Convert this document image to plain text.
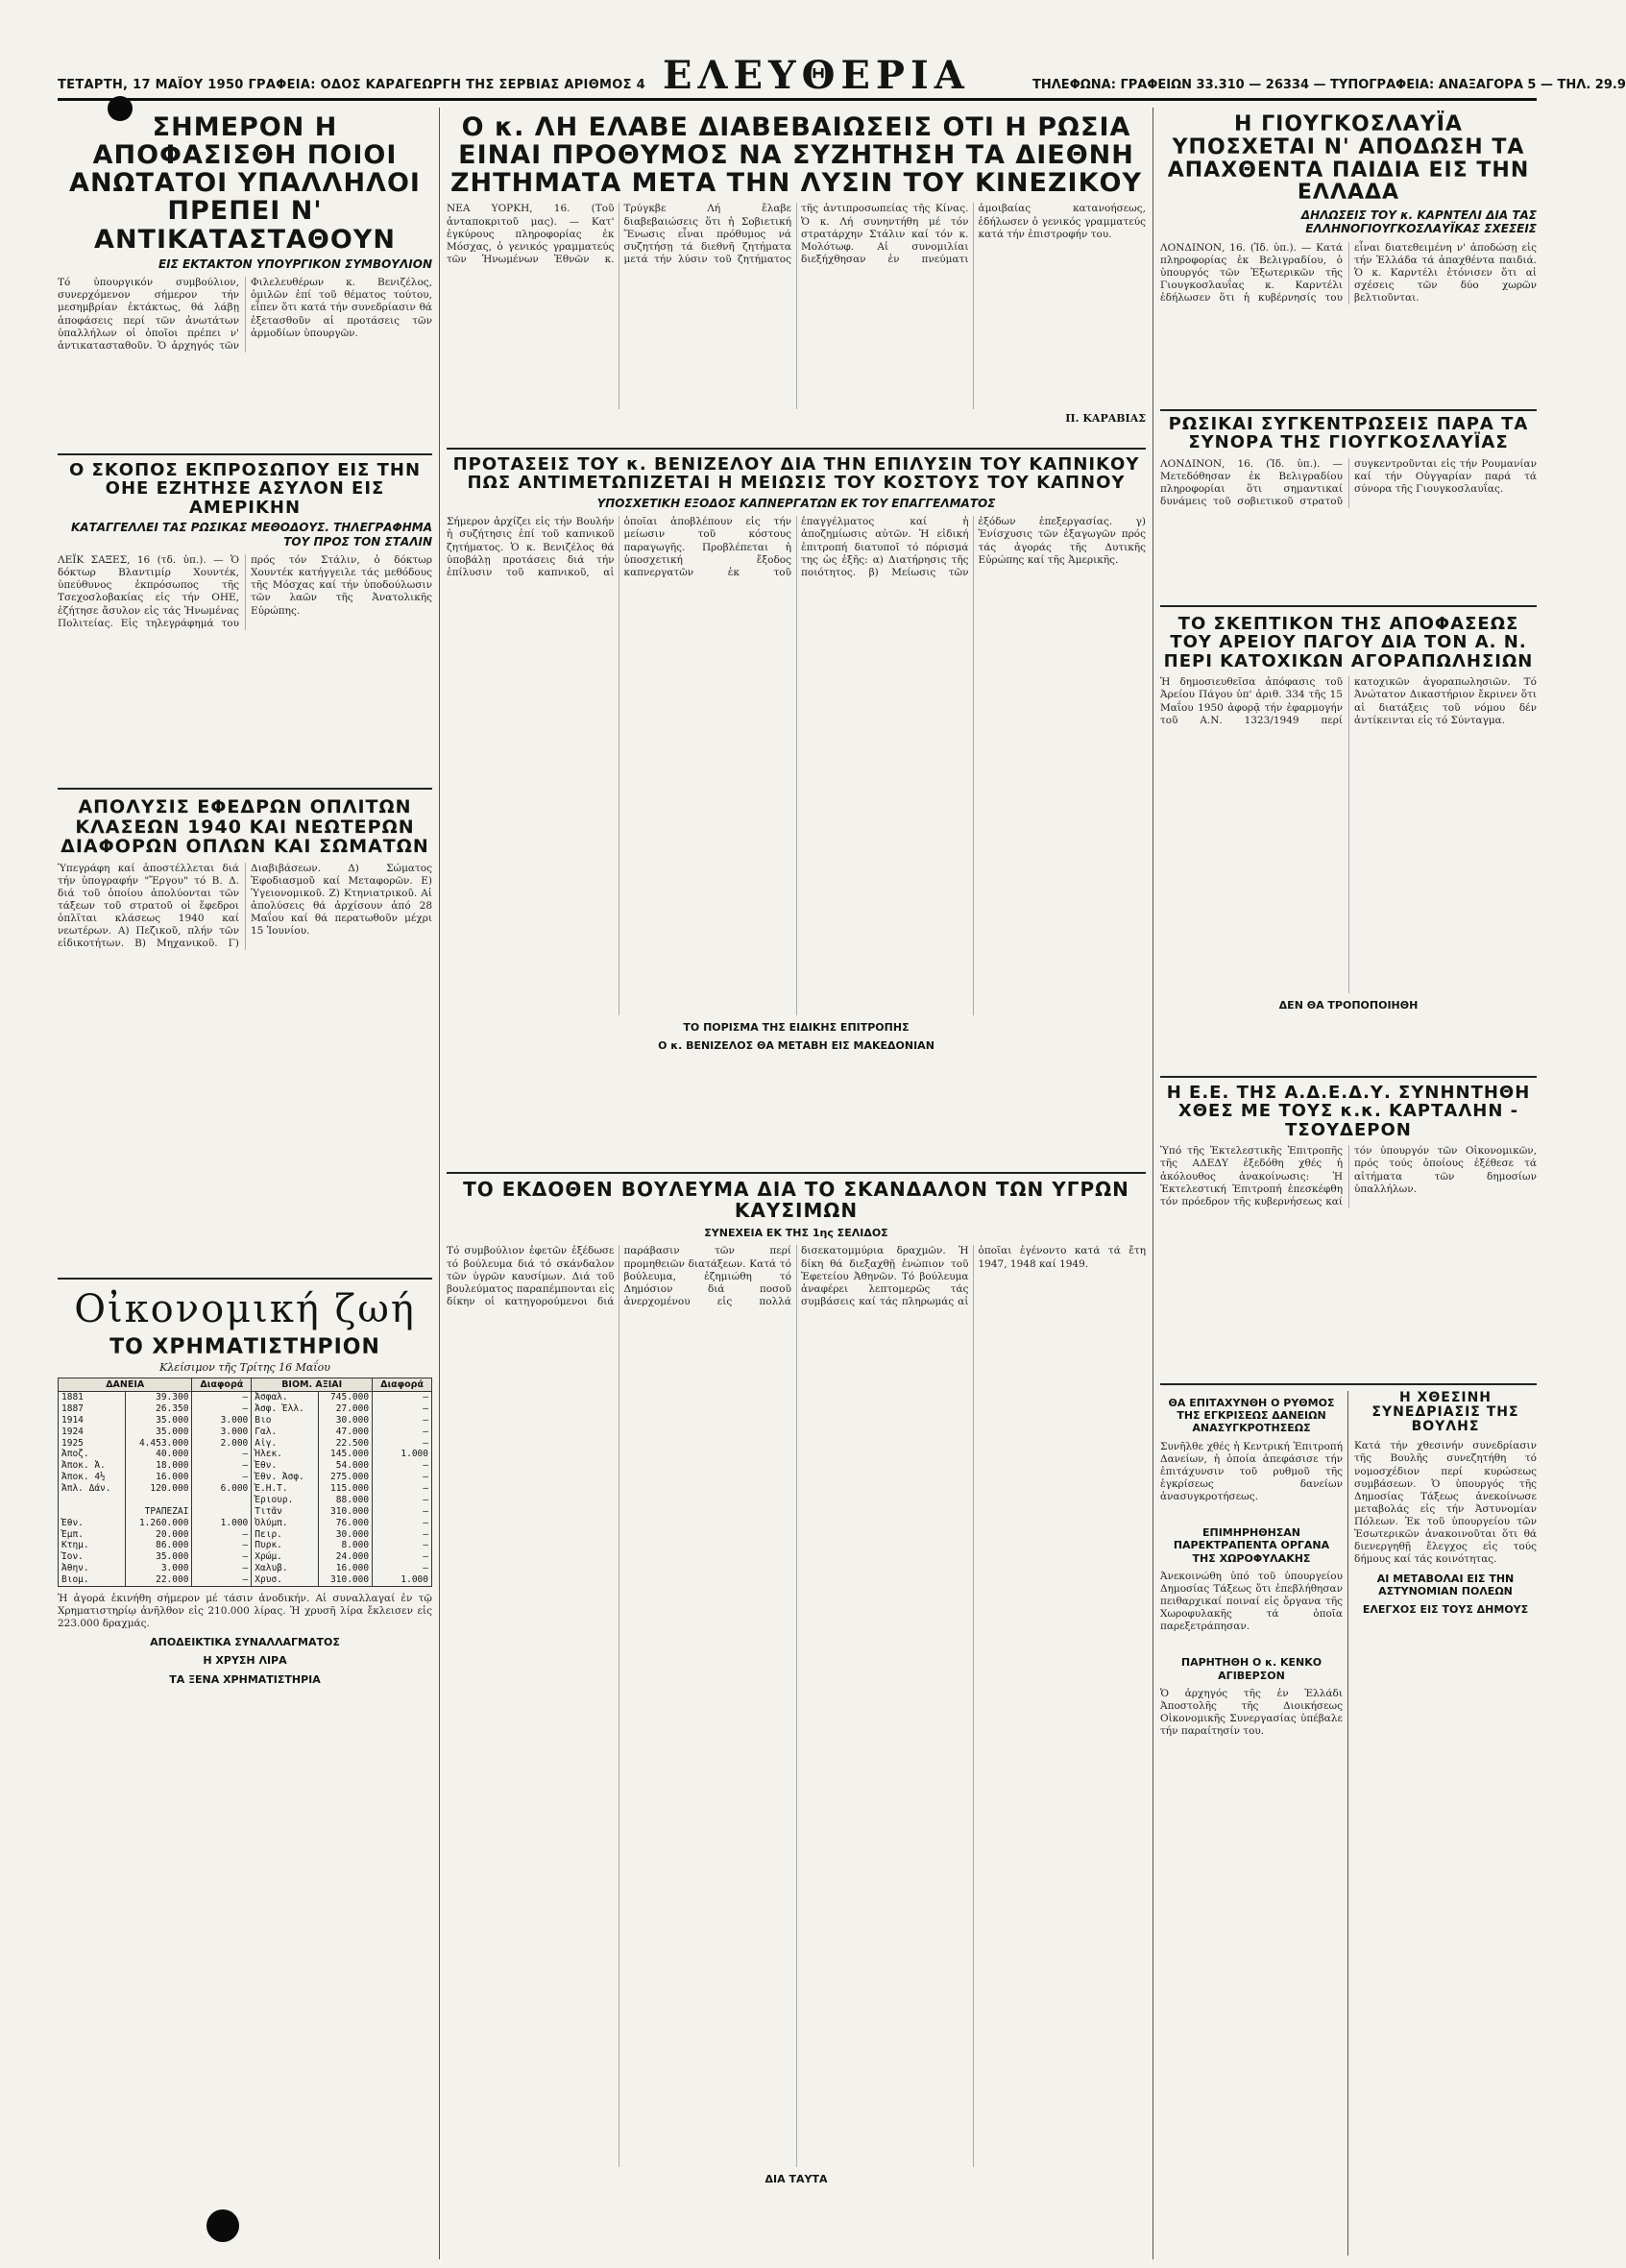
ΤΕΤΑΡΤΗ, 17 ΜΑΪΟΥ 1950 ΓΡΑΦΕΙΑ: ΟΔΟΣ ΚΑΡΑΓΕΩΡΓΗ ΤΗΣ ΣΕΡΒΙΑΣ ΑΡΙΘΜΟΣ 4 ΕΛΕΥΘΕΡΙΑ	ΤΗΛΕΦΩΝΑ: ΓΡΑΦΕΙΩΝ 33.310 — 26334 — ΤΥΠΟΓΡΑΦΕΙΑ: ΑΝΑΞΑΓΟΡΑ 5 — ΤΗΛ. 29.9
ΣΗΜΕΡΟΝ Η ΑΠΟΦΑΣΙΣΘΗ ΠΟΙΟΙ ΑΝΩΤΑΤΟΙ ΥΠΑΛΛΗΛΟΙ ΠΡΕΠΕΙ Ν' ΑΝΤΙΚΑΤΑΣΤΑΘΟΥΝ
ΕΙΣ ΕΚΤΑΚΤΟΝ ΥΠΟΥΡΓΙΚΟΝ ΣΥΜΒΟΥΛΙΟΝ
Τό ὑπουργικόν συμβούλιον, συνερχόμενον σήμερον τήν μεσημβρίαν ἐκτάκτως, θά λάβῃ ἀποφάσεις περί τῶν ἀνωτάτων ὑπαλλήλων οἱ ὁποῖοι πρέπει ν' ἀντικατασταθοῦν. Ὁ ἀρχηγός τῶν Φιλελευθέρων κ. Βενιζέλος, ὁμιλῶν ἐπί τοῦ θέματος τούτου, εἶπεν ὅτι κατά τήν συνεδρίασιν θά ἐξετασθοῦν αἱ προτάσεις τῶν ἁρμοδίων ὑπουργῶν.
Ο ΣΚΟΠΟΣ ΕΚΠΡΟΣΩΠΟΥ ΕΙΣ ΤΗΝ ΟΗΕ ΕΖΗΤΗΣΕ ΑΣΥΛΟΝ ΕΙΣ ΑΜΕΡΙΚΗΝ
ΚΑΤΑΓΓΕΛΛΕΙ ΤΑΣ ΡΩΣΙΚΑΣ ΜΕΘΟΔΟΥΣ. ΤΗΛΕΓΡΑΦΗΜΑ ΤΟΥ ΠΡΟΣ ΤΟΝ ΣΤΑΛΙΝ
ΛΕΪΚ ΣΑΞΕΣ, 16 (τδ. ὑπ.). — Ὁ δόκτωρ Βλαντιμίρ Χουντέκ, ὑπεύθυνος ἐκπρόσωπος τῆς Τσεχοσλοβακίας εἰς τήν ΟΗΕ, ἐζήτησε ἄσυλον εἰς τάς Ἡνωμένας Πολιτείας. Εἰς τηλεγράφημά του πρός τόν Στάλιν, ὁ δόκτωρ Χουντέκ κατήγγειλε τάς μεθόδους τῆς Μόσχας καί τήν ὑποδούλωσιν τῶν λαῶν τῆς Ἀνατολικῆς Εὐρώπης.
ΑΠΟΛΥΣΙΣ ΕΦΕΔΡΩΝ ΟΠΛΙΤΩΝ ΚΛΑΣΕΩΝ 1940 ΚΑΙ ΝΕΩΤΕΡΩΝ ΔΙΑΦΟΡΩΝ ΟΠΛΩΝ ΚΑΙ ΣΩΜΑΤΩΝ
Ὑπεγράφη καί ἀποστέλλεται διά τήν ὑπογραφήν "Ἔργου" τό Β. Δ. διά τοῦ ὁποίου ἀπολύονται τῶν τάξεων τοῦ στρατοῦ οἱ ἔφεδροι ὁπλῖται κλάσεως 1940 καί νεωτέρων. Α) Πεζικοῦ, πλήν τῶν εἰδικοτήτων. Β) Μηχανικοῦ. Γ) Διαβιβάσεων. Δ) Σώματος Ἐφοδιασμοῦ καί Μεταφορῶν. Ε) Ὑγειονομικοῦ. Ζ) Κτηνιατρικοῦ. Αἱ ἀπολύσεις θά ἀρχίσουν ἀπό 28 Μαΐου καί θά περατωθοῦν μέχρι 15 Ἰουνίου.
Οἰκονομική ζωή
ΤΟ ΧΡΗΜΑΤΙΣΤΗΡΙΟΝ
Κλείσιμον τῆς Τρίτης 16 Μαΐου
ΔΑΝΕΙΑ		Διαφορά	ΒΙΟΜ. ΑΞΙΑΙ		Διαφορά
1881	39.300	—	Ἀσφαλ.	745.000	—
1887	26.350	—	Ἀσφ. Ἑλλ.	27.000	—
1914	35.000	3.000	Βιο	30.000	—
1924	35.000	3.000	Γαλ.	47.000	—
1925	4.453.000	2.000	Αἰγ.	22.500	—
Ἀποζ.	40.000	—	Ἠλεκ.	145.000	1.000
Ἀποκ. Ἀ.	18.000	—	Ἐθν.	54.000	—
Ἀποκ. 4½	16.000	—	Ἐθν. Ἀσφ.	275.000	—
Ἁπλ. Δάν.	120.000	6.000	Ἐ.Η.Τ.	115.000	—
			Ἐριουρ.	88.000	—
	ΤΡΑΠΕΖΑΙ		Τιτᾶν	310.000	—
Ἐθν.	1.260.000	1.000	Ὀλύμπ.	76.000	—
Ἐμπ.	20.000	—	Πειρ.	30.000	—
Κτημ.	86.000	—	Πυρκ.	8.000	—
Ἰον.	35.000	—	Χρώμ.	24.000	—
Ἀθην.	3.000	—	Χαλυβ.	16.000	—
Βιομ.	22.000	—	Χρυσ.	310.000	1.000
Ἡ ἀγορά ἐκινήθη σήμερον μέ τάσιν ἀνοδικήν. Αἱ συναλλαγαί ἐν τῷ Χρηματιστηρίῳ ἀνῆλθον εἰς 210.000 λίρας. Ἡ χρυσῆ λίρα ἔκλεισεν εἰς 223.000 δραχμάς.
ΑΠΟΔΕΙΚΤΙΚΑ ΣΥΝΑΛΛΑΓΜΑΤΟΣ
Η ΧΡΥΣΗ ΛΙΡΑ
ΤΑ ΞΕΝΑ ΧΡΗΜΑΤΙΣΤΗΡΙΑ
Ο κ. ΛΗ ΕΛΑΒΕ ΔΙΑΒΕΒΑΙΩΣΕΙΣ ΟΤΙ Η ΡΩΣΙΑ ΕΙΝΑΙ ΠΡΟΘΥΜΟΣ ΝΑ ΣΥΖΗΤΗΣΗ ΤΑ ΔΙΕΘΝΗ ΖΗΤΗΜΑΤΑ ΜΕΤΑ ΤΗΝ ΛΥΣΙΝ ΤΟΥ ΚΙΝΕΖΙΚΟΥ
ΝΕΑ ΥΟΡΚΗ, 16. (Τοῦ ἀνταποκριτοῦ μας). — Κατ' ἐγκύρους πληροφορίας ἐκ Μόσχας, ὁ γενικός γραμματεύς τῶν Ἡνωμένων Ἐθνῶν κ. Τρύγκβε Λή ἔλαβε διαβεβαιώσεις ὅτι ἡ Σοβιετική Ἕνωσις εἶναι πρόθυμος νά συζητήσῃ τά διεθνῆ ζητήματα μετά τήν λύσιν τοῦ ζητήματος τῆς ἀντιπροσωπείας τῆς Κίνας. Ὁ κ. Λή συνηντήθη μέ τόν στρατάρχην Στάλιν καί τόν κ. Μολότωφ. Αἱ συνομιλίαι διεξήχθησαν ἐν πνεύματι ἀμοιβαίας κατανοήσεως, ἐδήλωσεν ὁ γενικός γραμματεύς κατά τήν ἐπιστροφήν του.
Π. ΚΑΡΑΒΙΑΣ
ΠΡΟΤΑΣΕΙΣ ΤΟΥ κ. ΒΕΝΙΖΕΛΟΥ ΔΙΑ ΤΗΝ ΕΠΙΛΥΣΙΝ ΤΟΥ ΚΑΠΝΙΚΟΥ ΠΩΣ ΑΝΤΙΜΕΤΩΠΙΖΕΤΑΙ Η ΜΕΙΩΣΙΣ ΤΟΥ ΚΟΣΤΟΥΣ ΤΟΥ ΚΑΠΝΟΥ
ΥΠΟΣΧΕΤΙΚΗ ΕΞΟΔΟΣ ΚΑΠΝΕΡΓΑΤΩΝ ΕΚ ΤΟΥ ΕΠΑΓΓΕΛΜΑΤΟΣ
Σήμερον ἀρχίζει εἰς τήν Βουλήν ἡ συζήτησις ἐπί τοῦ καπνικοῦ ζητήματος. Ὁ κ. Βενιζέλος θά ὑποβάλῃ προτάσεις διά τήν ἐπίλυσιν τοῦ καπνικοῦ, αἱ ὁποῖαι ἀποβλέπουν εἰς τήν μείωσιν τοῦ κόστους παραγωγῆς. Προβλέπεται ἡ ὑποσχετική ἔξοδος καπνεργατῶν ἐκ τοῦ ἐπαγγέλματος καί ἡ ἀποζημίωσις αὐτῶν. Ἡ εἰδική ἐπιτροπή διατυποῖ τό πόρισμά της ὡς ἑξῆς: α) Διατήρησις τῆς ποιότητος. β) Μείωσις τῶν ἐξόδων ἐπεξεργασίας. γ) Ἐνίσχυσις τῶν ἐξαγωγῶν πρός τάς ἀγοράς τῆς Δυτικῆς Εὐρώπης καί τῆς Ἀμερικῆς.
ΤΟ ΠΟΡΙΣΜΑ ΤΗΣ ΕΙΔΙΚΗΣ ΕΠΙΤΡΟΠΗΣ
Ο κ. ΒΕΝΙΖΕΛΟΣ ΘΑ ΜΕΤΑΒΗ ΕΙΣ ΜΑΚΕΔΟΝΙΑΝ
ΤΟ ΕΚΔΟΘΕΝ ΒΟΥΛΕΥΜΑ ΔΙΑ ΤΟ ΣΚΑΝΔΑΛΟΝ ΤΩΝ ΥΓΡΩΝ ΚΑΥΣΙΜΩΝ
ΣΥΝΕΧΕΙΑ ΕΚ ΤΗΣ 1ης ΣΕΛΙΔΟΣ
Τό συμβούλιον ἐφετῶν ἐξέδωσε τό βούλευμα διά τό σκάνδαλον τῶν ὑγρῶν καυσίμων. Διά τοῦ βουλεύματος παραπέμπονται εἰς δίκην οἱ κατηγορούμενοι διά παράβασιν τῶν περί προμηθειῶν διατάξεων. Κατά τό βούλευμα, ἐζημιώθη τό Δημόσιον διά ποσοῦ ἀνερχομένου εἰς πολλά δισεκατομμύρια δραχμῶν. Ἡ δίκη θά διεξαχθῇ ἐνώπιον τοῦ Ἐφετείου Ἀθηνῶν. Τό βούλευμα ἀναφέρει λεπτομερῶς τάς συμβάσεις καί τάς πληρωμάς αἱ ὁποῖαι ἐγένοντο κατά τά ἔτη 1947, 1948 καί 1949.
ΔΙΑ ΤΑΥΤΑ
Η ΓΙΟΥΓΚΟΣΛΑΥΪΑ ΥΠΟΣΧΕΤΑΙ Ν' ΑΠΟΔΩΣΗ ΤΑ ΑΠΑΧΘΕΝΤΑ ΠΑΙΔΙΑ ΕΙΣ ΤΗΝ ΕΛΛΑΔΑ
ΔΗΛΩΣΕΙΣ ΤΟΥ κ. ΚΑΡΝΤΕΛΙ ΔΙΑ ΤΑΣ ΕΛΛΗΝΟΓΙΟΥΓΚΟΣΛΑΥΪΚΑΣ ΣΧΕΣΕΙΣ
ΛΟΝΔΙΝΟΝ, 16. (Ἰδ. ὑπ.). — Κατά πληροφορίας ἐκ Βελιγραδίου, ὁ ὑπουργός τῶν Ἐξωτερικῶν τῆς Γιουγκοσλαυΐας κ. Καρντέλι ἐδήλωσεν ὅτι ἡ κυβέρνησίς του εἶναι διατεθειμένη ν' ἀποδώσῃ εἰς τήν Ἑλλάδα τά ἀπαχθέντα παιδιά. Ὁ κ. Καρντέλι ἐτόνισεν ὅτι αἱ σχέσεις τῶν δύο χωρῶν βελτιοῦνται.
ΡΩΣΙΚΑΙ ΣΥΓΚΕΝΤΡΩΣΕΙΣ ΠΑΡΑ ΤΑ ΣΥΝΟΡΑ ΤΗΣ ΓΙΟΥΓΚΟΣΛΑΥΪΑΣ
ΛΟΝΔΙΝΟΝ, 16. (Ἰδ. ὑπ.). — Μετεδόθησαν ἐκ Βελιγραδίου πληροφορίαι ὅτι σημαντικαί δυνάμεις τοῦ σοβιετικοῦ στρατοῦ συγκεντροῦνται εἰς τήν Ρουμανίαν καί τήν Οὑγγαρίαν παρά τά σύνορα τῆς Γιουγκοσλαυΐας.
ΤΟ ΣΚΕΠΤΙΚΟΝ ΤΗΣ ΑΠΟΦΑΣΕΩΣ ΤΟΥ ΑΡΕΙΟΥ ΠΑΓΟΥ ΔΙΑ ΤΟΝ Α. Ν. ΠΕΡΙ ΚΑΤΟΧΙΚΩΝ ΑΓΟΡΑΠΩΛΗΣΙΩΝ
Ἡ δημοσιευθεῖσα ἀπόφασις τοῦ Ἀρείου Πάγου ὑπ' ἀριθ. 334 τῆς 15 Μαΐου 1950 ἀφορᾷ τήν ἐφαρμογήν τοῦ Α.Ν. 1323/1949 περί κατοχικῶν ἀγοραπωλησιῶν. Τό Ἀνώτατον Δικαστήριον ἔκρινεν ὅτι αἱ διατάξεις τοῦ νόμου δέν ἀντίκεινται εἰς τό Σύνταγμα.
ΔΕΝ ΘΑ ΤΡΟΠΟΠΟΙΗΘΗ
Η Ε.Ε. ΤΗΣ Α.Δ.Ε.Δ.Υ. ΣΥΝΗΝΤΗΘΗ ΧΘΕΣ ΜΕ ΤΟΥΣ κ.κ. ΚΑΡΤΑΛΗΝ - ΤΣΟΥΔΕΡΟΝ
Ὑπό τῆς Ἐκτελεστικῆς Ἐπιτροπῆς τῆς ΑΔΕΔΥ ἐξεδόθη χθές ἡ ἀκόλουθος ἀνακοίνωσις: Ἡ Ἐκτελεστική Ἐπιτροπή ἐπεσκέφθη τόν πρόεδρον τῆς κυβερνήσεως καί τόν ὑπουργόν τῶν Οἰκονομικῶν, πρός τούς ὁποίους ἐξέθεσε τά αἰτήματα τῶν δημοσίων ὑπαλλήλων.
ΘΑ ΕΠΙΤΑΧΥΝΘΗ Ο ΡΥΘΜΟΣ ΤΗΣ ΕΓΚΡΙΣΕΩΣ ΔΑΝΕΙΩΝ ΑΝΑΣΥΓΚΡΟΤΗΣΕΩΣ
Συνῆλθε χθές ἡ Κεντρική Ἐπιτροπή Δανείων, ἡ ὁποία ἀπεφάσισε τήν ἐπιτάχυνσιν τοῦ ρυθμοῦ τῆς ἐγκρίσεως δανείων ἀνασυγκροτήσεως.
ΕΠΙΜΗΡΗΘΗΣΑΝ ΠΑΡΕΚΤΡΑΠΕΝΤΑ ΟΡΓΑΝΑ ΤΗΣ ΧΩΡΟΦΥΛΑΚΗΣ
Ἀνεκοινώθη ὑπό τοῦ ὑπουργείου Δημοσίας Τάξεως ὅτι ἐπεβλήθησαν πειθαρχικαί ποιναί εἰς ὄργανα τῆς Χωροφυλακῆς τά ὁποῖα παρεξετράπησαν.
ΠΑΡΗΤΗΘΗ Ο κ. ΚΕΝΚΟ ΑΓΙΒΕΡΣΟΝ
Ὁ ἀρχηγός τῆς ἐν Ἑλλάδι Ἀποστολῆς τῆς Διοικήσεως Οἰκονομικῆς Συνεργασίας ὑπέβαλε τήν παραίτησίν του.
Η ΧΘΕΣΙΝΗ ΣΥΝΕΔΡΙΑΣΙΣ ΤΗΣ ΒΟΥΛΗΣ
Κατά τήν χθεσινήν συνεδρίασιν τῆς Βουλῆς συνεζητήθη τό νομοσχέδιον περί κυρώσεως συμβάσεων. Ὁ ὑπουργός τῆς Δημοσίας Τάξεως ἀνεκοίνωσε μεταβολάς εἰς τήν Ἀστυνομίαν Πόλεων. Ἐκ τοῦ ὑπουργείου τῶν Ἐσωτερικῶν ἀνακοινοῦται ὅτι θά διενεργηθῇ ἔλεγχος εἰς τούς δήμους καί τάς κοινότητας.
ΑΙ ΜΕΤΑΒΟΛΑΙ ΕΙΣ ΤΗΝ ΑΣΤΥΝΟΜΙΑΝ ΠΟΛΕΩΝ
ΕΛΕΓΧΟΣ ΕΙΣ ΤΟΥΣ ΔΗΜΟΥΣ
